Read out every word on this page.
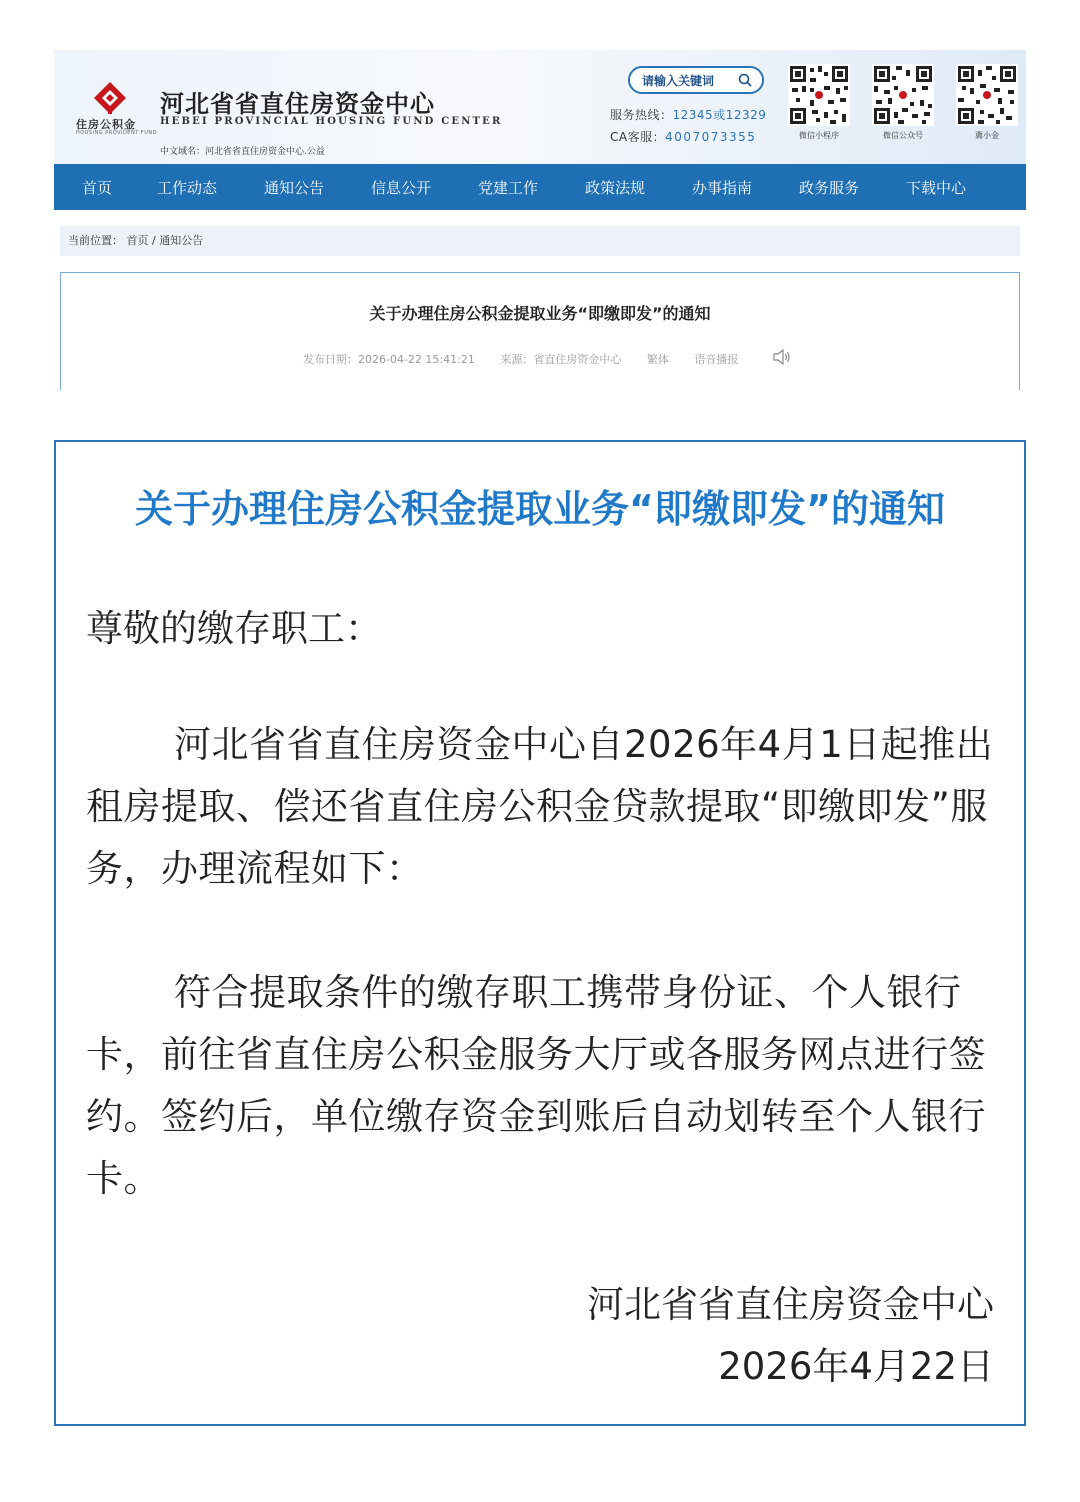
住房公积金
HOUSING PROVIDENT FUND
河北省省直住房资金中心
HEBEI PROVINCIAL HOUSING FUND CENTER
中文域名：河北省省直住房资金中心.公益
请输入关键词
服务热线：12345或12329
CA客服：4007073355	微信小程序	微信公众号	冀小金
首页	工作动态	通知公告	信息公开	党建工作	政策法规	办事指南	政务服务	下载中心
当前位置： 首页 / 通知公告
关于办理住房公积金提取业务“即缴即发”的通知
发布日期：2026-04-22 15:41:21 来源：省直住房资金中心 繁体 语音播报
关于办理住房公积金提取业务“即缴即发”的通知
尊敬的缴存职工：
河北省省直住房资金中心自2026年4月1日起推出租房提取、偿还省直住房公积金贷款提取“即缴即发”服务，办理流程如下：
符合提取条件的缴存职工携带身份证、个人银行卡，前往省直住房公积金服务大厅或各服务网点进行签约。签约后，单位缴存资金到账后自动划转至个人银行卡。
河北省省直住房资金中心
2026年4月22日
